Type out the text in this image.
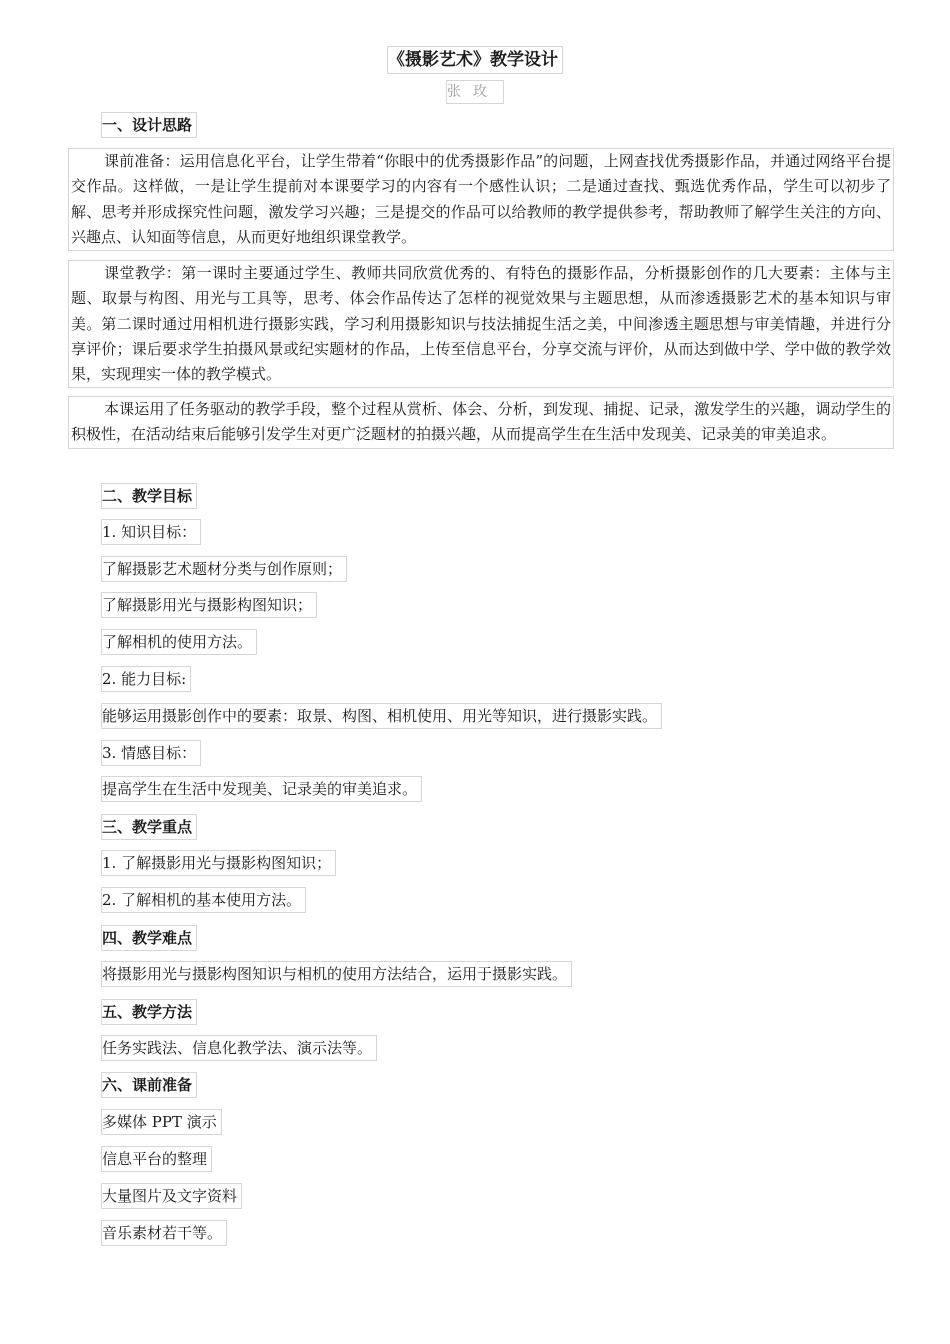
《摄影艺术》教学设计
张玫
一、设计思路
课前准备：运用信息化平台，让学生带着“你眼中的优秀摄影作品”的问题，上网查找优秀摄影作品，并通过网络平台提交作品。这样做，一是让学生提前对本课要学习的内容有一个感性认识；二是通过查找、甄选优秀作品，学生可以初步了解、思考并形成探究性问题，激发学习兴趣；三是提交的作品可以给教师的教学提供参考，帮助教师了解学生关注的方向、兴趣点、认知面等信息，从而更好地组织课堂教学。
课堂教学：第一课时主要通过学生、教师共同欣赏优秀的、有特色的摄影作品，分析摄影创作的几大要素：主体与主题、取景与构图、用光与工具等，思考、体会作品传达了怎样的视觉效果与主题思想，从而渗透摄影艺术的基本知识与审美。第二课时通过用相机进行摄影实践，学习利用摄影知识与技法捕捉生活之美，中间渗透主题思想与审美情趣，并进行分享评价；课后要求学生拍摄风景或纪实题材的作品，上传至信息平台，分享交流与评价，从而达到做中学、学中做的教学效果，实现理实一体的教学模式。
本课运用了任务驱动的教学手段，整个过程从赏析、体会、分析，到发现、捕捉、记录，激发学生的兴趣，调动学生的积极性，在活动结束后能够引发学生对更广泛题材的拍摄兴趣，从而提高学生在生活中发现美、记录美的审美追求。
二、教学目标
1. 知识目标：
了解摄影艺术题材分类与创作原则；
了解摄影用光与摄影构图知识；
了解相机的使用方法。
2. 能力目标:
能够运用摄影创作中的要素：取景、构图、相机使用、用光等知识，进行摄影实践。
3. 情感目标：
提高学生在生活中发现美、记录美的审美追求。
三、教学重点
1. 了解摄影用光与摄影构图知识；
2. 了解相机的基本使用方法。
四、教学难点
将摄影用光与摄影构图知识与相机的使用方法结合，运用于摄影实践。
五、教学方法
任务实践法、信息化教学法、演示法等。
六、课前准备
多媒体 PPT 演示
信息平台的整理
大量图片及文字资料
音乐素材若干等。
